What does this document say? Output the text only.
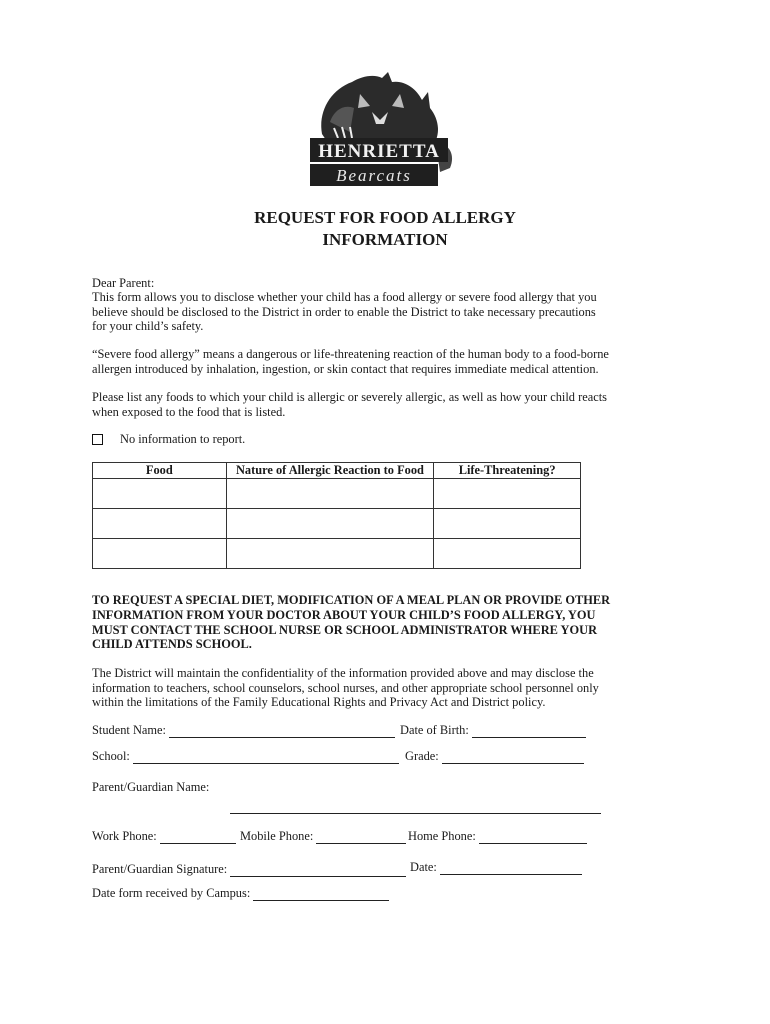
HENRIETTA
Bearcats
REQUEST FOR FOOD ALLERGY
INFORMATION
Dear Parent:
This form allows you to disclose whether your child has a food allergy or severe food allergy that you believe should be disclosed to the District in order to enable the District to take necessary precautions for your child’s safety.
“Severe food allergy” means a dangerous or life-threatening reaction of the human body to a food-borne allergen introduced by inhalation, ingestion, or skin contact that requires immediate medical attention.
Please list any foods to which your child is allergic or severely allergic, as well as how your child reacts when exposed to the food that is listed.
No information to report.
Food	Nature of Allergic Reaction to Food	Life-Threatening?

TO REQUEST A SPECIAL DIET, MODIFICATION OF A MEAL PLAN OR PROVIDE OTHER INFORMATION FROM YOUR DOCTOR ABOUT YOUR CHILD’S FOOD ALLERGY, YOU MUST CONTACT THE SCHOOL NURSE OR SCHOOL ADMINISTRATOR WHERE YOUR CHILD ATTENDS SCHOOL.
The District will maintain the confidentiality of the information provided above and may disclose the information to teachers, school counselors, school nurses, and other appropriate school personnel only within the limitations of the Family Educational Rights and Privacy Act and District policy.
Student Name:	Date of Birth:
School:	Grade:
Parent/Guardian Name:
Work Phone:	Mobile Phone:	Home Phone:
Parent/Guardian Signature:	Date:
Date form received by Campus:
